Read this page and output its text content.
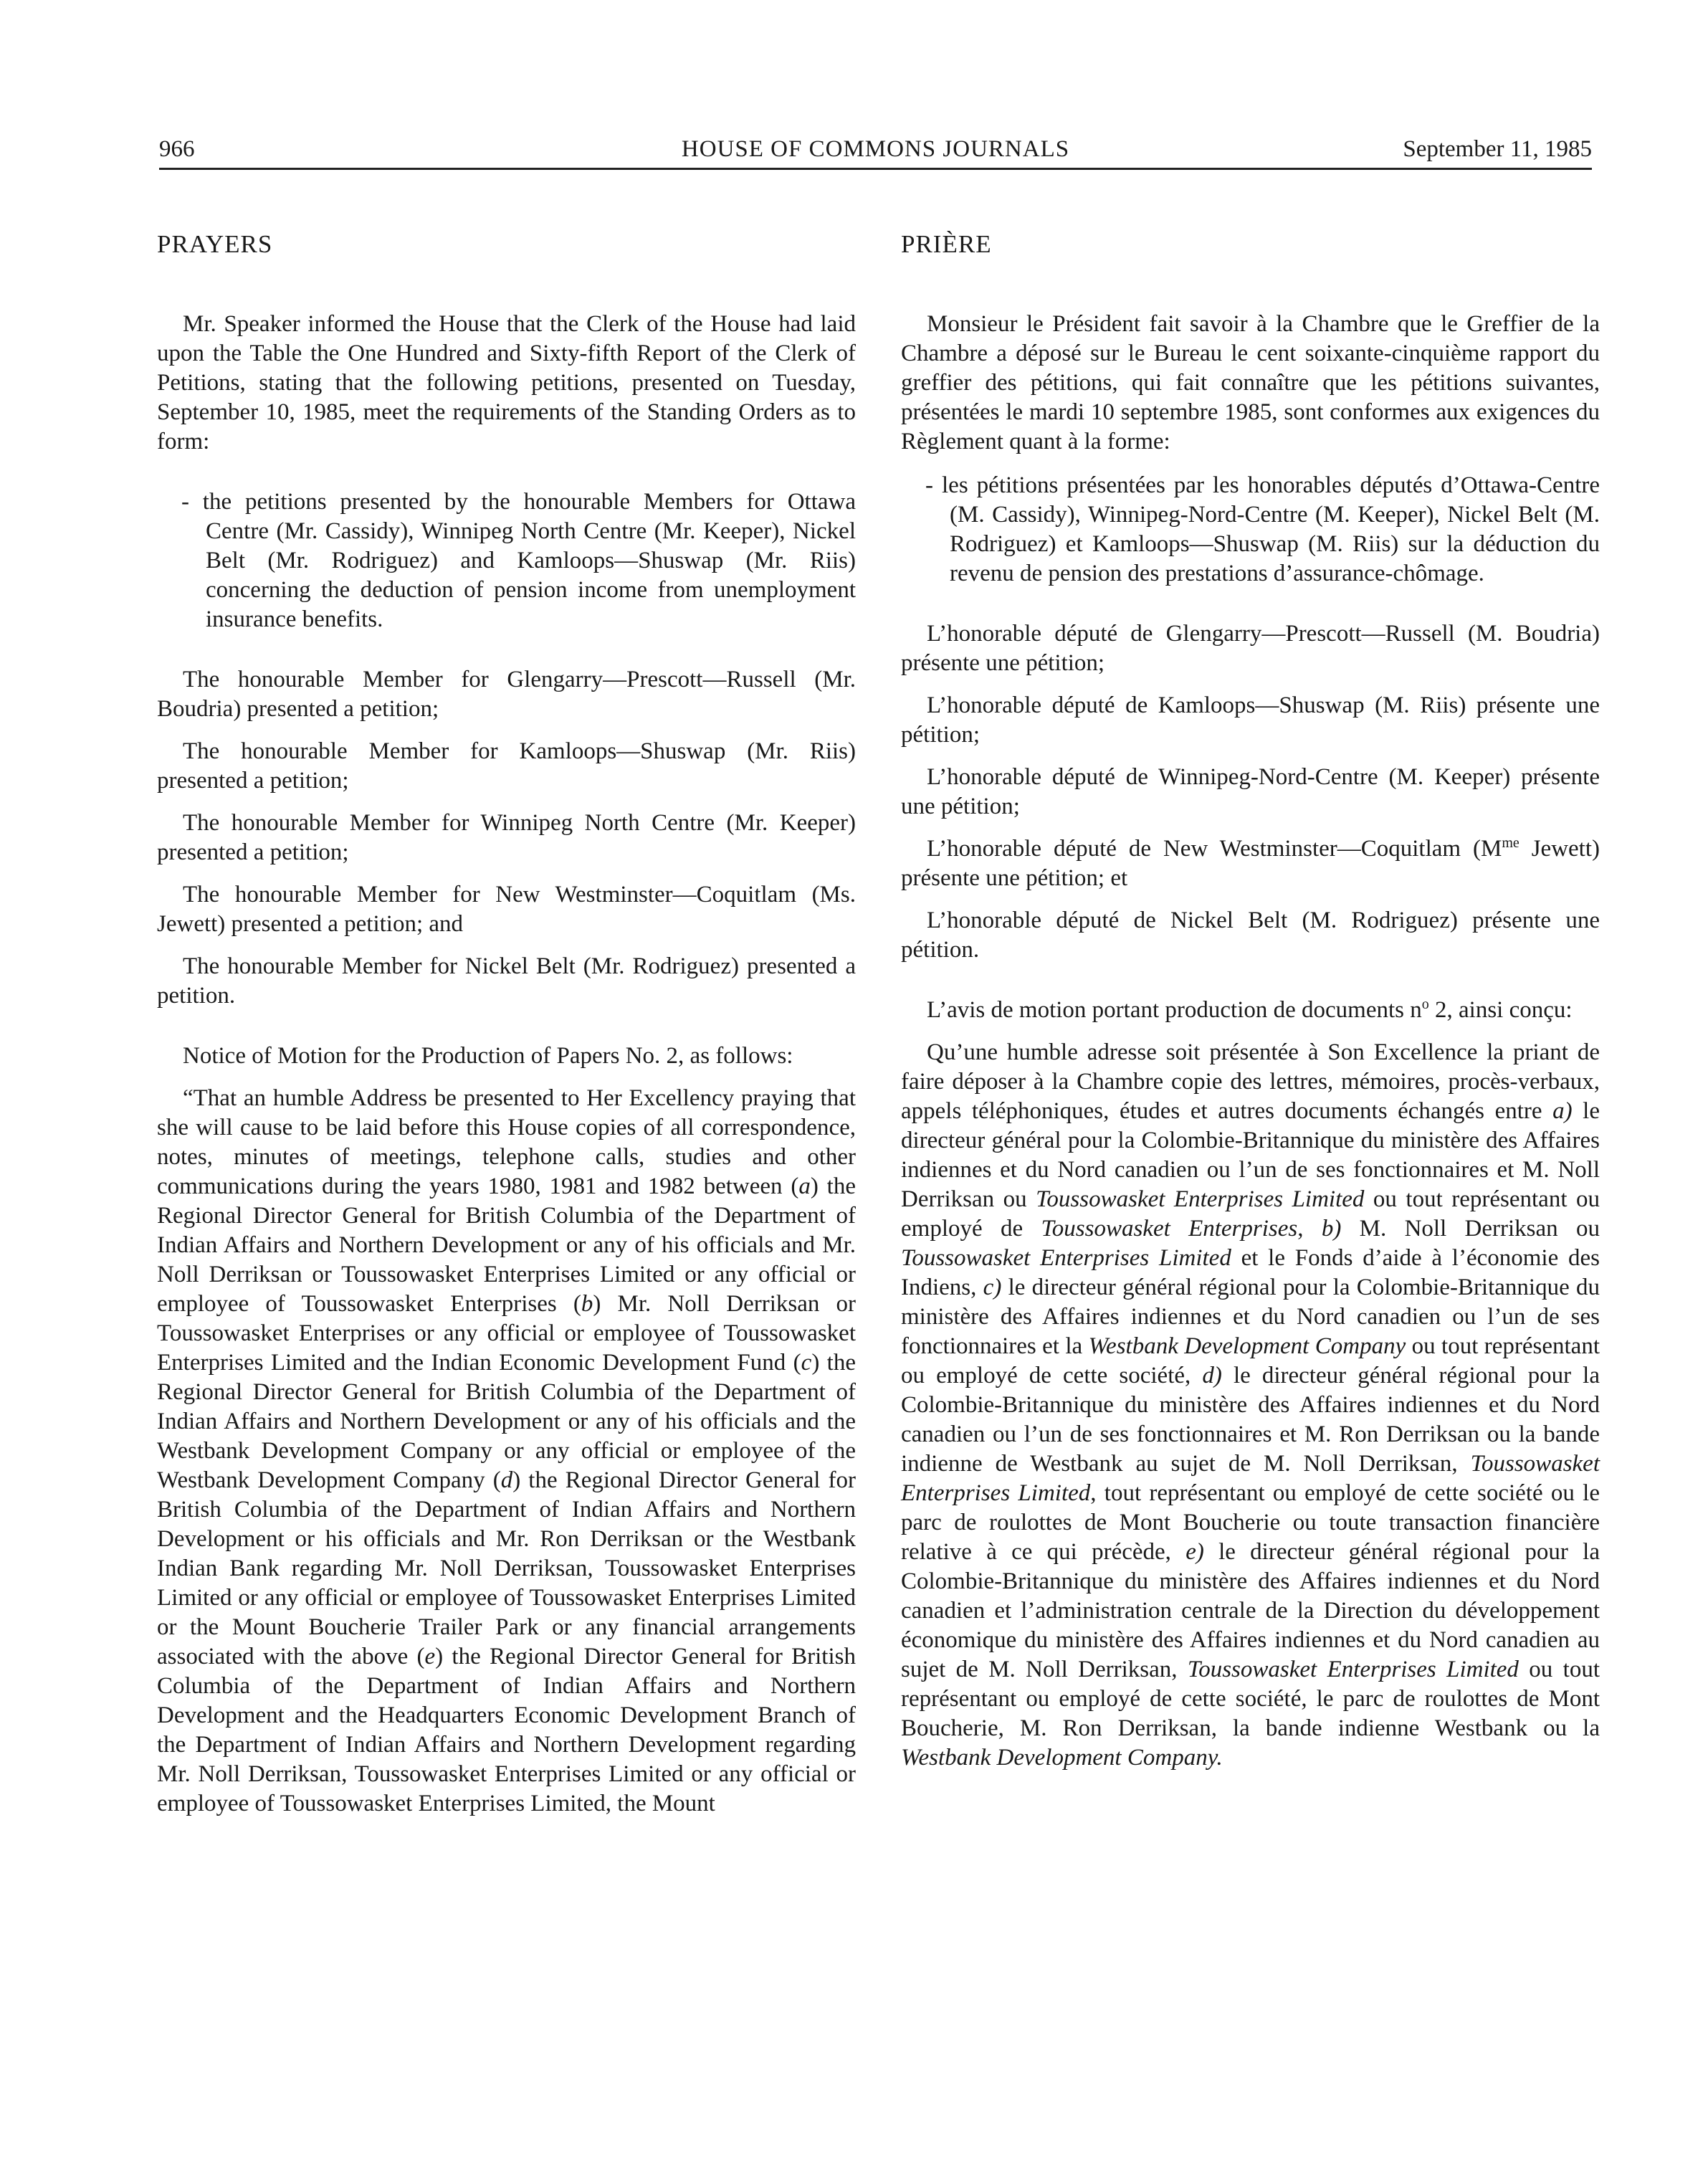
966	HOUSE OF COMMONS JOURNALS	September 11, 1985
PRAYERS

Mr. Speaker informed the House that the Clerk of the House had laid upon the Table the One Hundred and Sixty-fifth Report of the Clerk of Petitions, stating that the following petitions, presented on Tuesday, September 10, 1985, meet the requirements of the Standing Orders as to form:

- the petitions presented by the honourable Members for Ottawa Centre (Mr. Cassidy), Winnipeg North Centre (Mr. Keeper), Nickel Belt (Mr. Rodriguez) and Kamloops—Shuswap (Mr. Riis) concerning the deduction of pension income from unemployment insurance benefits.

The honourable Member for Glengarry—Prescott—Russell (Mr. Boudria) presented a petition;

The honourable Member for Kamloops—Shuswap (Mr. Riis) presented a petition;

The honourable Member for Winnipeg North Centre (Mr. Keeper) presented a petition;

The honourable Member for New Westminster—Coquitlam (Ms. Jewett) presented a petition; and

The honourable Member for Nickel Belt (Mr. Rodriguez) presented a petition.

Notice of Motion for the Production of Papers No. 2, as follows:

“That an humble Address be presented to Her Excellency praying that she will cause to be laid before this House copies of all correspondence, notes, minutes of meetings, telephone calls, studies and other communications during the years 1980, 1981 and 1982 between (a) the Regional Director General for British Columbia of the Department of Indian Affairs and Northern Development or any of his officials and Mr. Noll Derriksan or Toussowasket Enterprises Limited or any official or employee of Toussowasket Enterprises (b) Mr. Noll Derriksan or Toussowasket Enterprises or any official or employee of Toussowasket Enterprises Limited and the Indian Economic Development Fund (c) the Regional Director General for British Columbia of the Department of Indian Affairs and Northern Development or any of his officials and the Westbank Development Company or any official or employee of the Westbank Development Company (d) the Regional Director General for British Columbia of the Department of Indian Affairs and Northern Development or his officials and Mr. Ron Derriksan or the Westbank Indian Bank regarding Mr. Noll Derriksan, Toussowasket Enterprises Limited or any official or employee of Toussowasket Enterprises Limited or the Mount Boucherie Trailer Park or any financial arrangements associated with the above (e) the Regional Director General for British Columbia of the Department of Indian Affairs and Northern Development and the Headquarters Economic Development Branch of the Department of Indian Affairs and Northern Development regarding Mr. Noll Derriksan, Toussowasket Enterprises Limited or any official or employee of Toussowasket Enterprises Limited, the Mount

PRIÈRE

Monsieur le Président fait savoir à la Chambre que le Greffier de la Chambre a déposé sur le Bureau le cent soixante-cinquième rapport du greffier des pétitions, qui fait connaître que les pétitions suivantes, présentées le mardi 10 septembre 1985, sont conformes aux exigences du Règlement quant à la forme:

- les pétitions présentées par les honorables députés d’Ottawa-Centre (M. Cassidy), Winnipeg-Nord-Centre (M. Keeper), Nickel Belt (M. Rodriguez) et Kamloops—Shuswap (M. Riis) sur la déduction du revenu de pension des prestations d’assurance-chômage.

L’honorable député de Glengarry—Prescott—Russell (M. Boudria) présente une pétition;

L’honorable député de Kamloops—Shuswap (M. Riis) présente une pétition;

L’honorable député de Winnipeg-Nord-Centre (M. Keeper) présente une pétition;

L’honorable député de New Westminster—Coquitlam ($M^{me}$ Jewett) présente une pétition; et

L’honorable député de Nickel Belt (M. Rodriguez) présente une pétition.

L’avis de motion portant production de documents $n^o$ 2, ainsi conçu:

Qu’une humble adresse soit présentée à Son Excellence la priant de faire déposer à la Chambre copie des lettres, mémoires, procès-verbaux, appels téléphoniques, études et autres documents échangés entre a) le directeur général pour la Colombie-Britannique du ministère des Affaires indiennes et du Nord canadien ou l’un de ses fonctionnaires et M. Noll Derriksan ou Toussowasket Enterprises Limited ou tout représentant ou employé de Toussowasket Enterprises, b) M. Noll Derriksan ou Toussowasket Enterprises Limited et le Fonds d’aide à l’économie des Indiens, c) le directeur général régional pour la Colombie-Britannique du ministère des Affaires indiennes et du Nord canadien ou l’un de ses fonctionnaires et la Westbank Development Company ou tout représentant ou employé de cette société, d) le directeur général régional pour la Colombie-Britannique du ministère des Affaires indiennes et du Nord canadien ou l’un de ses fonctionnaires et M. Ron Derriksan ou la bande indienne de Westbank au sujet de M. Noll Derriksan, Toussowasket Enterprises Limited, tout représentant ou employé de cette société ou le parc de roulottes de Mont Boucherie ou toute transaction financière relative à ce qui précède, e) le directeur général régional pour la Colombie-Britannique du ministère des Affaires indiennes et du Nord canadien et l’administration centrale de la Direction du développement économique du ministère des Affaires indiennes et du Nord canadien au sujet de M. Noll Derriksan, Toussowasket Enterprises Limited ou tout représentant ou employé de cette société, le parc de roulottes de Mont Boucherie, M. Ron Derriksan, la bande indienne Westbank ou la Westbank Development Company.
